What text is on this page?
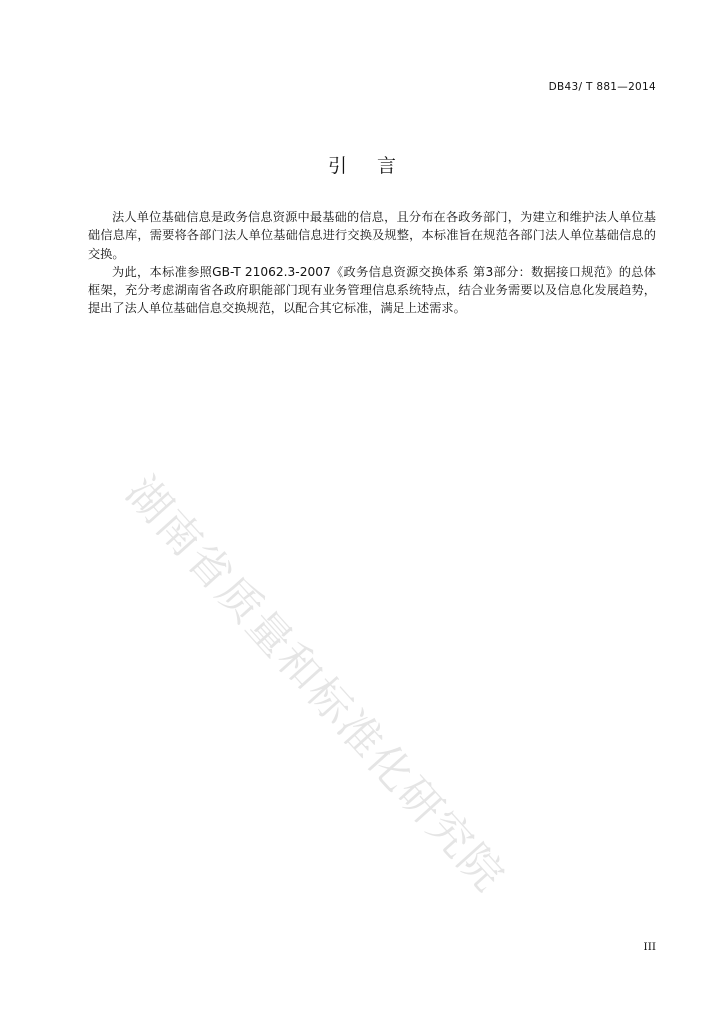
DB43/ T 881—2014
引言

法人单位基础信息是政务信息资源中最基础的信息，且分布在各政务部门，为建立和维护法人单位基础信息库，需要将各部门法人单位基础信息进行交换及规整，本标准旨在规范各部门法人单位基础信息的交换。

为此，本标准参照GB-T 21062.3-2007《政务信息资源交换体系 第3部分：数据接口规范》的总体框架，充分考虑湖南省各政府职能部门现有业务管理信息系统特点，结合业务需要以及信息化发展趋势，提出了法人单位基础信息交换规范，以配合其它标准，满足上述需求。

湖南省质量和标准化研究院
III
